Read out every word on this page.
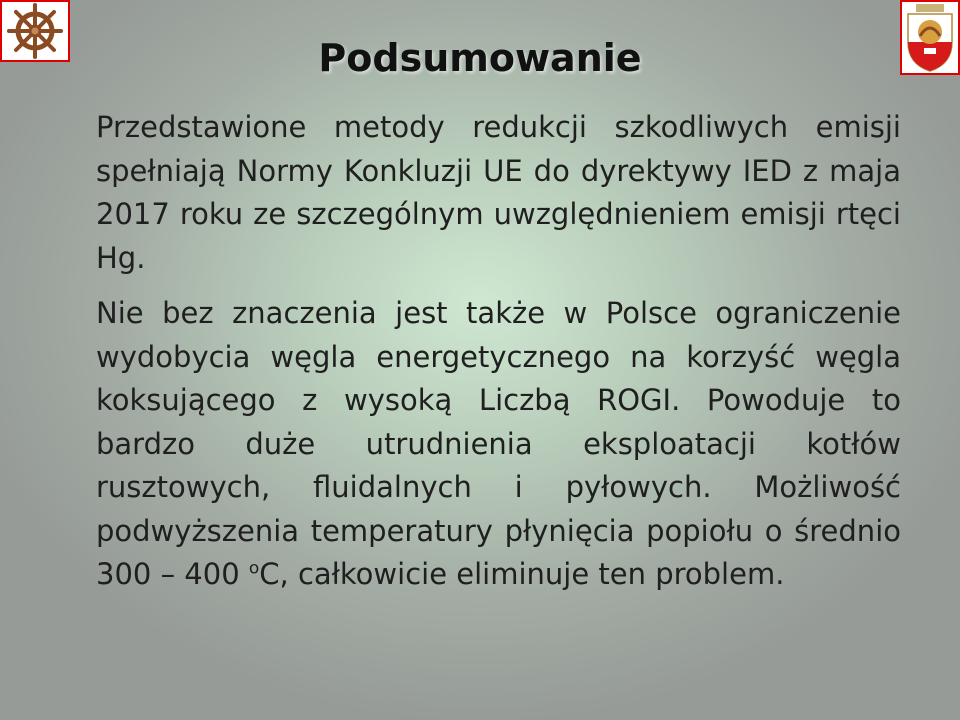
Podsumowanie

Przedstawione metody redukcji szkodliwych emisji spełniają Normy Konkluzji UE do dyrektywy IED z maja 2017 roku ze szczególnym uwzględnieniem emisji rtęci Hg.

Nie bez znaczenia jest także w Polsce ograniczenie wydobycia węgla energetycznego na korzyść węgla koksującego z wysoką Liczbą ROGI. Powoduje to bardzo duże utrudnienia eksploatacji kotłów rusztowych, fluidalnych i pyłowych. Możliwość podwyższenia temperatury płynięcia popiołu o średnio 300 – 400 $^o$C, całkowicie eliminuje ten problem.
